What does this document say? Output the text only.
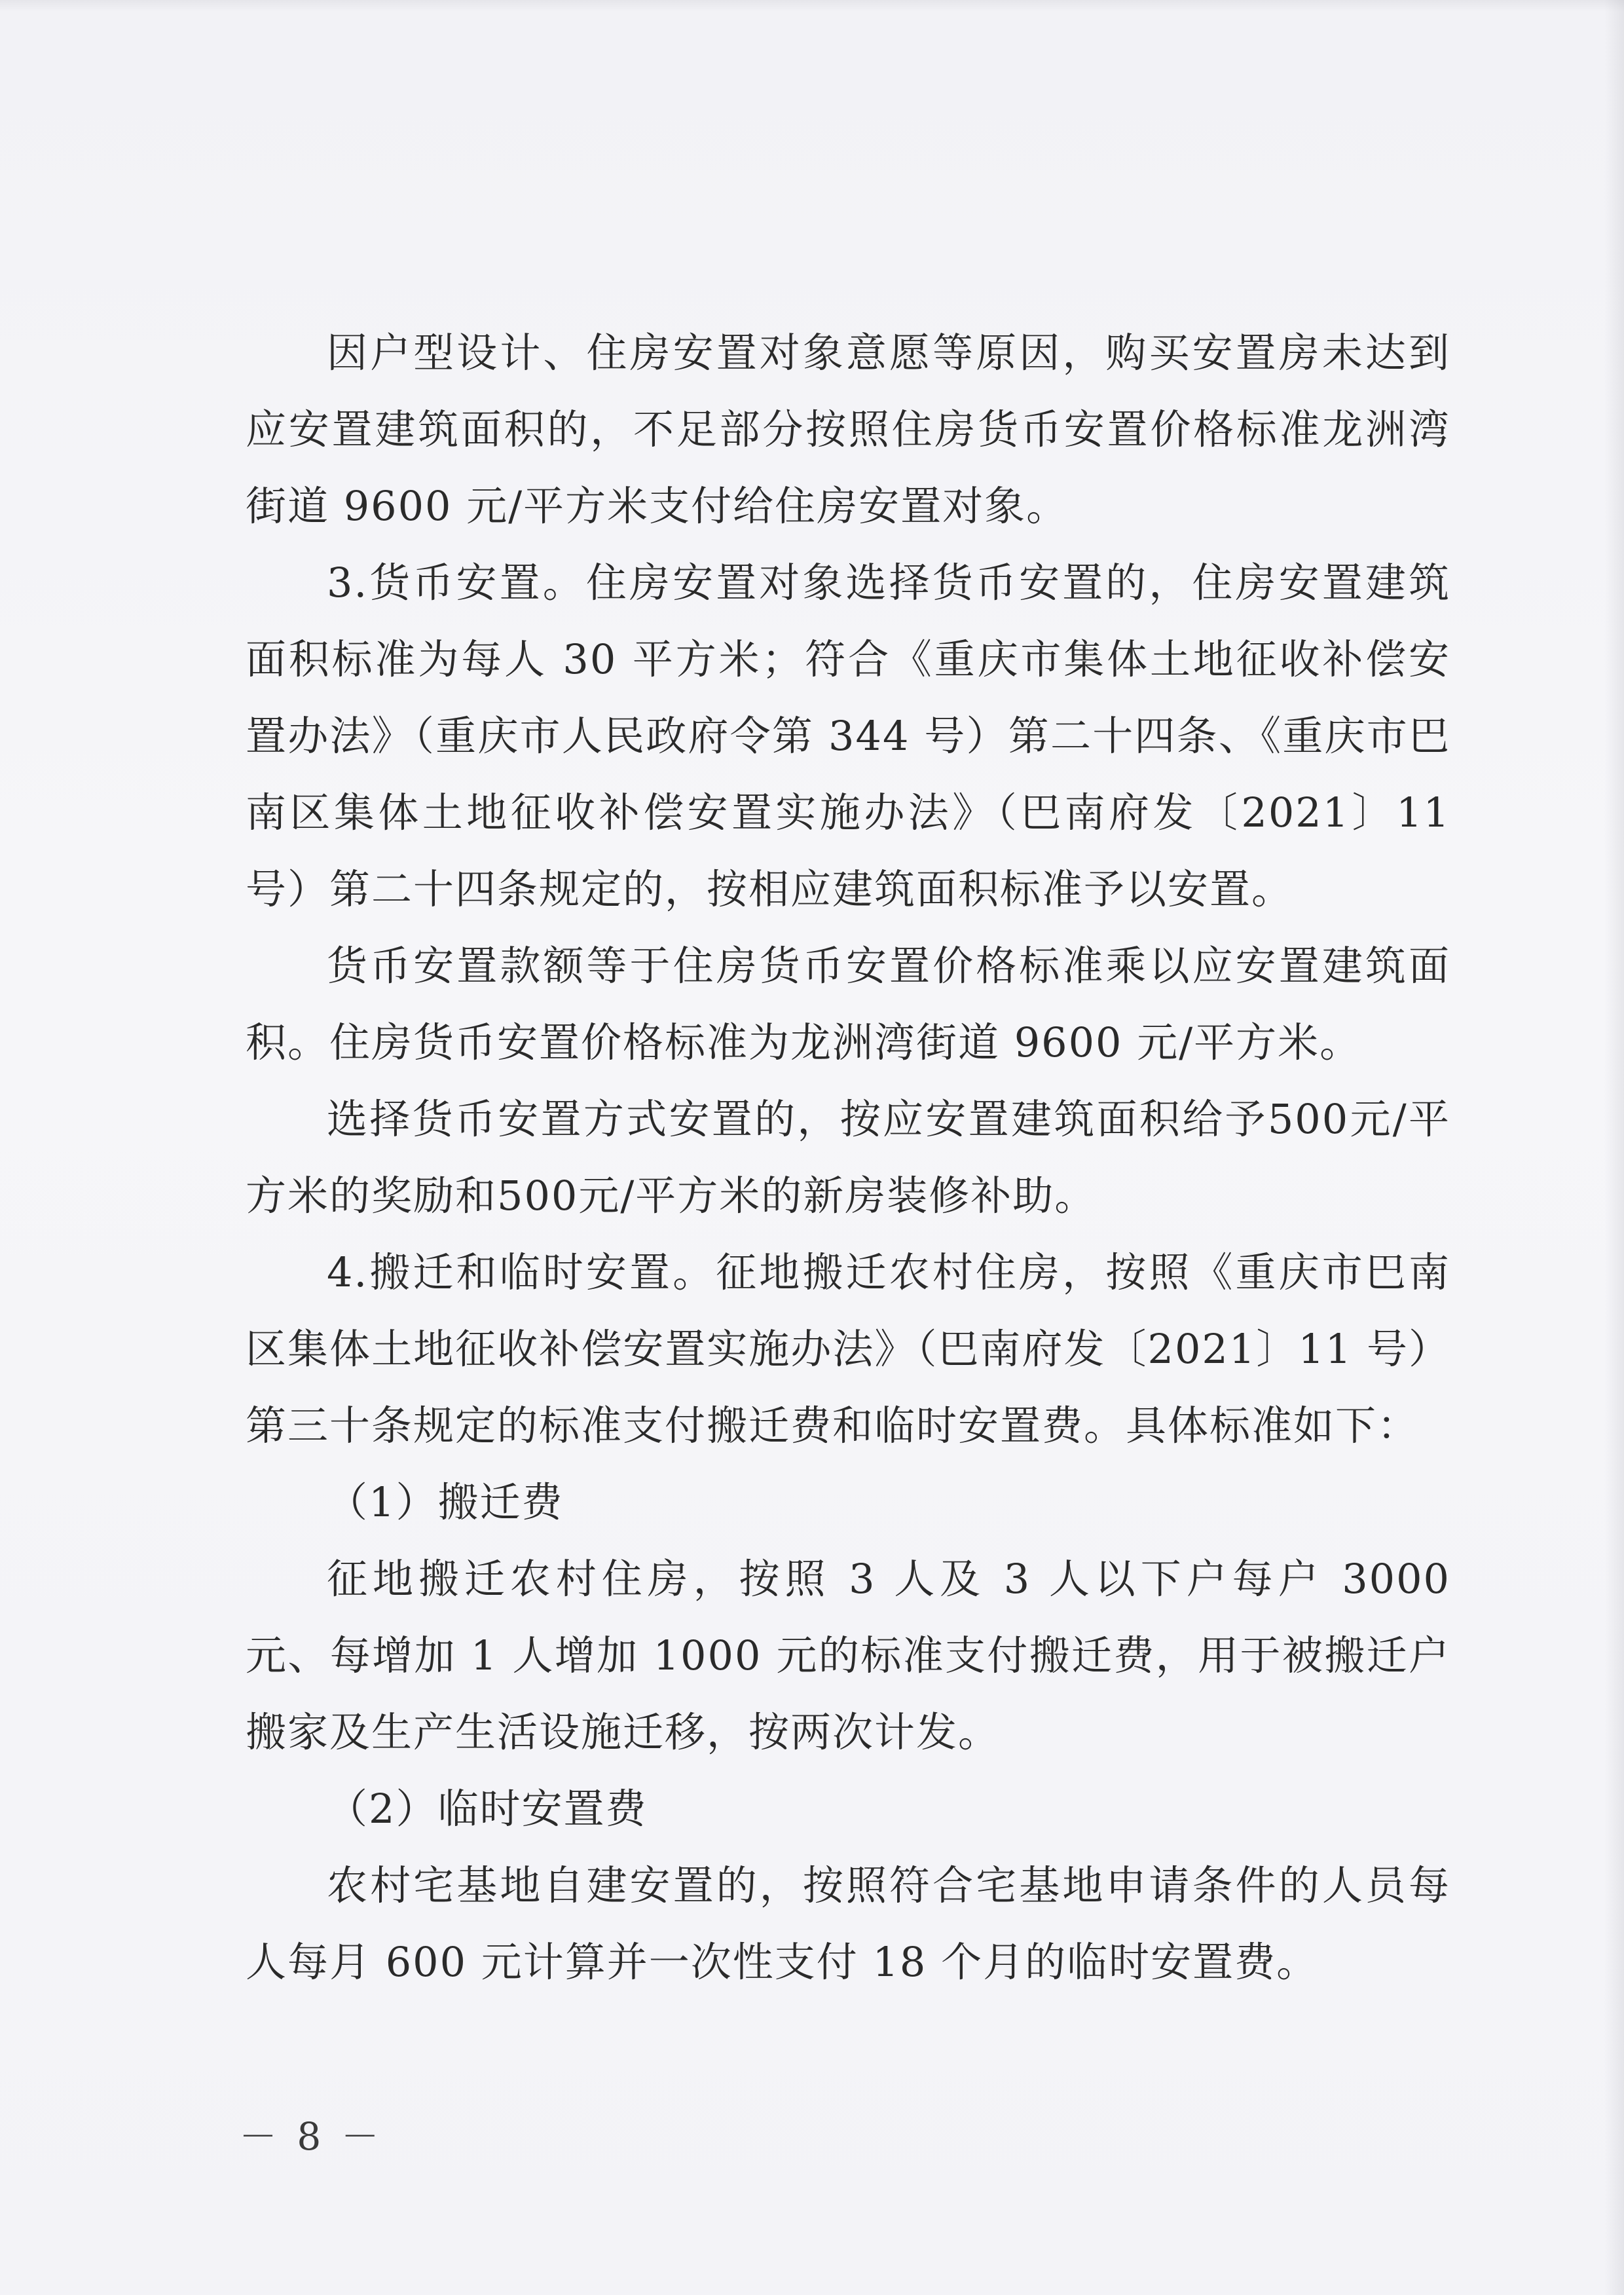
因户型设计、住房安置对象意愿等原因，购买安置房未达到应安置建筑面积的，不足部分按照住房货币安置价格标准龙洲湾街道 9600 元/平方米支付给住房安置对象。

3.货币安置。住房安置对象选择货币安置的，住房安置建筑面积标准为每人 30 平方米；符合《重庆市集体土地征收补偿安置办法》（重庆市人民政府令第 344 号）第二十四条、《重庆市巴南区集体土地征收补偿安置实施办法》（巴南府发〔2021〕11 号）第二十四条规定的，按相应建筑面积标准予以安置。

货币安置款额等于住房货币安置价格标准乘以应安置建筑面积。住房货币安置价格标准为龙洲湾街道 9600 元/平方米。

选择货币安置方式安置的，按应安置建筑面积给予500元/平方米的奖励和500元/平方米的新房装修补助。

4.搬迁和临时安置。征地搬迁农村住房，按照《重庆市巴南区集体土地征收补偿安置实施办法》（巴南府发〔2021〕11 号）第三十条规定的标准支付搬迁费和临时安置费。具体标准如下：

（1）搬迁费

征地搬迁农村住房，按照 3 人及 3 人以下户每户 3000 元、每增加 1 人增加 1000 元的标准支付搬迁费，用于被搬迁户搬家及生产生活设施迁移，按两次计发。

（2）临时安置费

农村宅基地自建安置的，按照符合宅基地申请条件的人员每人每月 600 元计算并一次性支付 18 个月的临时安置费。

－ 8 －
